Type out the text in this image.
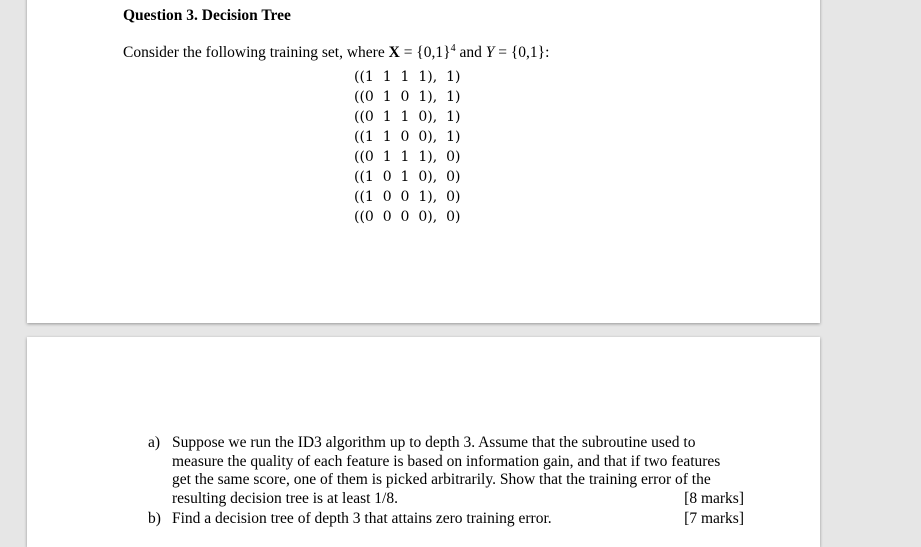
Question 3. Decision Tree
Consider the following training set, where $X = \{0,1\}^4$ and Y = {0,1}:
((1  1  1  1),  1)
((0  1  0  1),  1)
((0  1  1  0),  1)
((1  1  0  0),  1)
((0  1  1  1),  0)
((1  0  1  0),  0)
((1  0  0  1),  0)
((0  0  0  0),  0)
a) Suppose we run the ID3 algorithm up to depth 3. Assume that the subroutine used to measure the quality of each feature is based on information gain, and that if two features get the same score, one of them is picked arbitrarily. Show that the training error of the resulting decision tree is at least 1/8.	[8 marks]
b) Find a decision tree of depth 3 that attains zero training error.	[7 marks]
